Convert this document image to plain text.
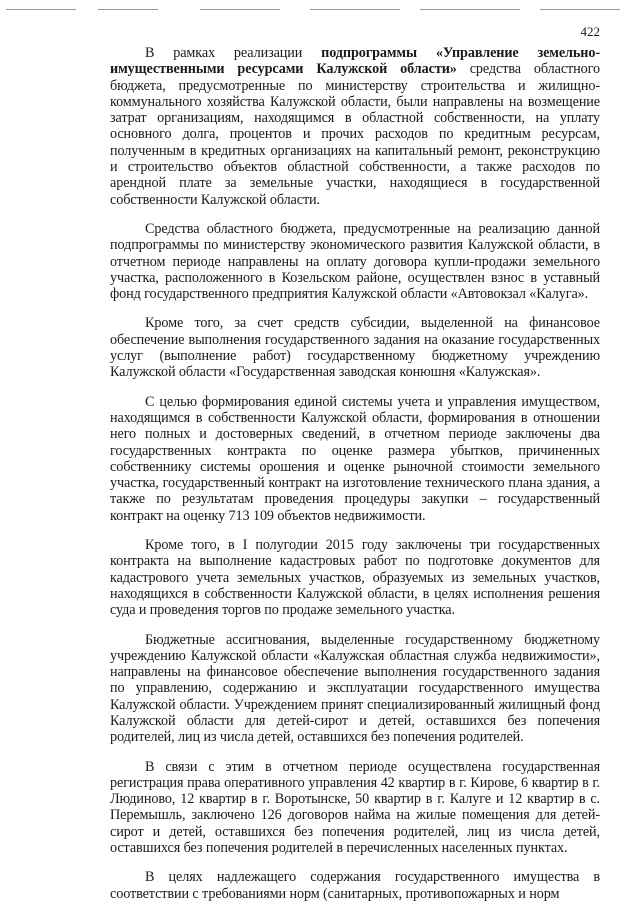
422

В рамках реализации подпрограммы «Управление земельно-имущественными ресурсами Калужской области» средства областного бюджета, предусмотренные по министерству строительства и жилищно-коммунального хозяйства Калужской области, были направлены на возмещение затрат организациям, находящимся в областной собственности, на уплату основного долга, процентов и прочих расходов по кредитным ресурсам, полученным в кредитных организациях на капитальный ремонт, реконструкцию и строительство объектов областной собственности, а также расходов по арендной плате за земельные участки, находящиеся в государственной собственности Калужской области.

Средства областного бюджета, предусмотренные на реализацию данной подпрограммы по министерству экономического развития Калужской области, в отчетном периоде направлены на оплату договора купли-продажи земельного участка, расположенного в Козельском районе, осуществлен взнос в уставный фонд государственного предприятия Калужской области «Автовокзал «Калуга».

Кроме того, за счет средств субсидии, выделенной на финансовое обеспечение выполнения государственного задания на оказание государственных услуг (выполнение работ) государственному бюджетному учреждению Калужской области «Государственная заводская конюшня «Калужская».

С целью формирования единой системы учета и управления имуществом, находящимся в собственности Калужской области, формирования в отношении него полных и достоверных сведений, в отчетном периоде заключены два государственных контракта по оценке размера убытков, причиненных собственнику системы орошения и оценке рыночной стоимости земельного участка, государственный контракт на изготовление технического плана здания, а также по результатам проведения процедуры закупки – государственный контракт на оценку 713 109 объектов недвижимости.

Кроме того, в I полугодии 2015 году заключены три государственных контракта на выполнение кадастровых работ по подготовке документов для кадастрового учета земельных участков, образуемых из земельных участков, находящихся в собственности Калужской области, в целях исполнения решения суда и проведения торгов по продаже земельного участка.

Бюджетные ассигнования, выделенные государственному бюджетному учреждению Калужской области «Калужская областная служба недвижимости», направлены на финансовое обеспечение выполнения государственного задания по управлению, содержанию и эксплуатации государственного имущества Калужской области. Учреждением принят специализированный жилищный фонд Калужской области для детей-сирот и детей, оставшихся без попечения родителей, лиц из числа детей, оставшихся без попечения родителей.

В связи с этим в отчетном периоде осуществлена государственная регистрация права оперативного управления 42 квартир в г. Кирове, 6 квартир в г. Людиново, 12 квартир в г. Воротынске, 50 квартир в г. Калуге и 12 квартир в с. Перемышль, заключено 126 договоров найма на жилые помещения для детей-сирот и детей, оставшихся без попечения родителей, лиц из числа детей, оставшихся без попечения родителей в перечисленных населенных пунктах.

В целях надлежащего содержания государственного имущества в соответствии с требованиями норм (санитарных, противопожарных и норм
